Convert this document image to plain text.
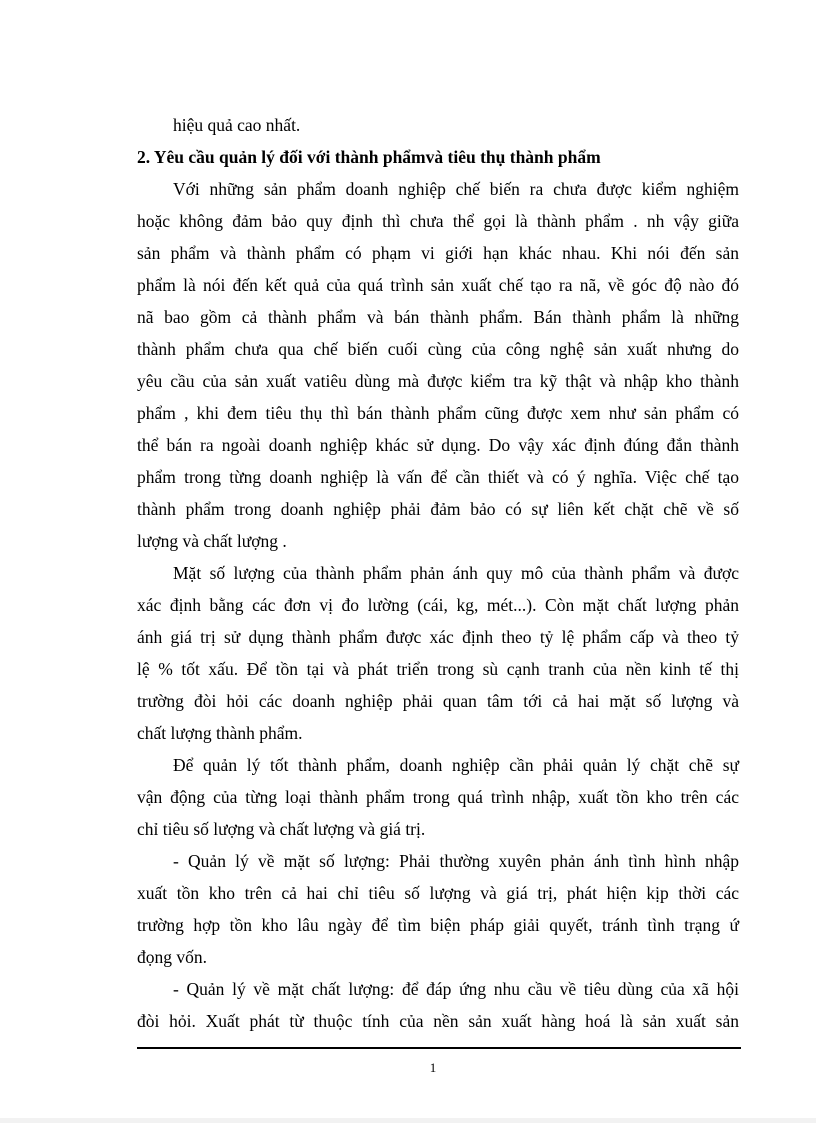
hiệu quả cao nhất.
2. Yêu cầu quản lý đối với thành phẩmvà tiêu thụ thành phẩm
Với những sản phẩm doanh nghiệp chế biến ra chưa được kiểm nghiệm
hoặc không đảm bảo quy định thì chưa thể gọi là thành phẩm . nh vậy giữa
sản phẩm và thành phẩm có phạm vi giới hạn khác nhau. Khi nói đến sản
phẩm là nói đến kết quả của quá trình sản xuất chế tạo ra nã, về góc độ nào đó
nã bao gồm cả thành phẩm và bán thành phẩm. Bán thành phẩm là những
thành phẩm chưa qua chế biến cuối cùng của công nghệ sản xuất nhưng do
yêu cầu của sản xuất vatiêu dùng mà được kiểm tra kỹ thật và nhập kho thành
phẩm , khi đem tiêu thụ thì bán thành phẩm cũng được xem như sản phẩm có
thể bán ra ngoài doanh nghiệp khác sử dụng. Do vậy xác định đúng đắn thành
phẩm trong từng doanh nghiệp là vấn để cần thiết và có ý nghĩa. Việc chế tạo
thành phẩm trong doanh nghiệp phải đảm bảo có sự liên kết chặt chẽ về số
lượng và chất lượng .
Mặt số lượng của thành phẩm phản ánh quy mô của thành phẩm và được
xác định bằng các đơn vị đo lường (cái, kg, mét...). Còn mặt chất lượng phản
ánh giá trị sử dụng thành phẩm được xác định theo tỷ lệ phẩm cấp và theo tỷ
lệ % tốt xấu. Để tồn tại và phát triển trong sù cạnh tranh của nền kinh tế thị
trường đòi hỏi các doanh nghiệp phải quan tâm tới cả hai mặt số lượng và
chất lượng thành phẩm.
Để quản lý tốt thành phẩm, doanh nghiệp cần phải quản lý chặt chẽ sự
vận động của từng loại thành phẩm trong quá trình nhập, xuất tồn kho trên các
chỉ tiêu số lượng và chất lượng và giá trị.
- Quản lý về mặt số lượng: Phải thường xuyên phản ánh tình hình nhập
xuất tồn kho trên cả hai chỉ tiêu số lượng và giá trị, phát hiện kịp thời các
trường hợp tồn kho lâu ngày để tìm biện pháp giải quyết, tránh tình trạng ứ
đọng vốn.
- Quản lý về mặt chất lượng: để đáp ứng nhu cầu về tiêu dùng của xã hội
đòi hỏi. Xuất phát từ thuộc tính của nền sản xuất hàng hoá là sản xuất sản
1
